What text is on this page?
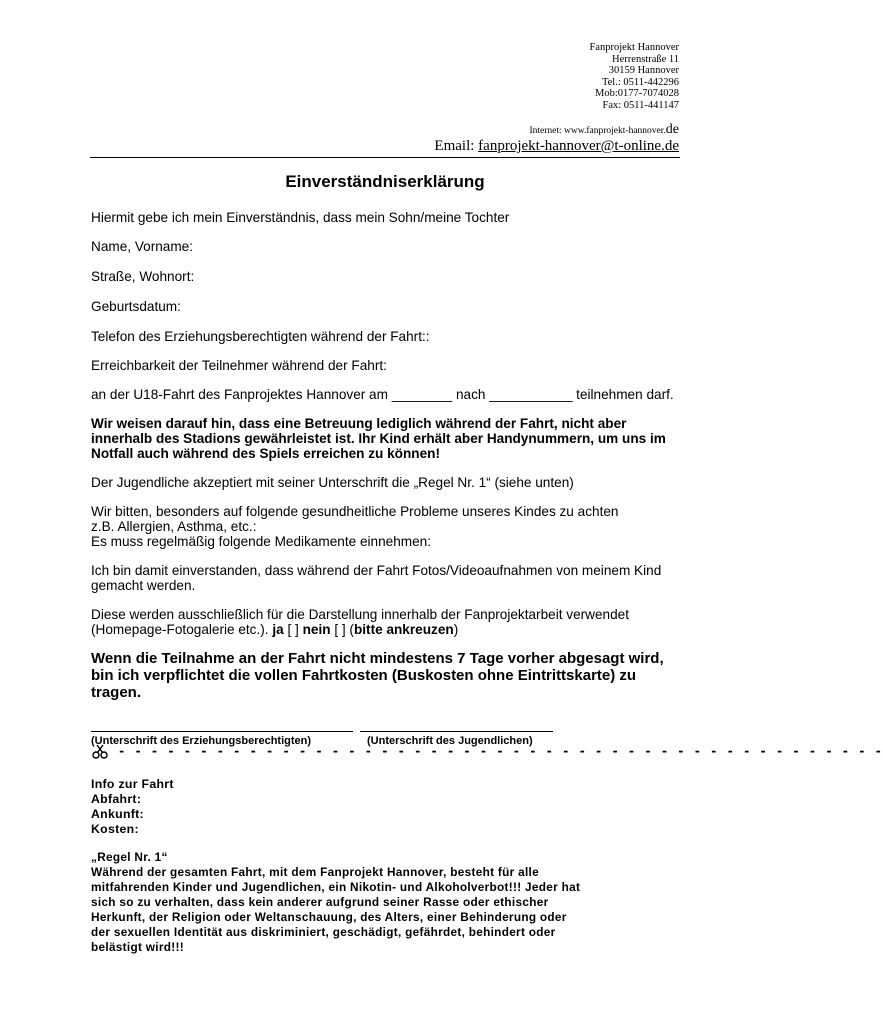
Fanprojekt Hannover
Herrenstraße 11
30159 Hannover
Tel.: 0511-442296
Mob:0177-7074028
Fax: 0511-441147
Internet: www.fanprojekt-hannover.de
Email: fanprojekt-hannover@t-online.de
Einverständniserklärung
Hiermit gebe ich mein Einverständnis, dass mein Sohn/meine Tochter
Name, Vorname:
Straße, Wohnort:
Geburtsdatum:
Telefon des Erziehungsberechtigten während der Fahrt::
Erreichbarkeit der Teilnehmer während der Fahrt:
an der U18-Fahrt des Fanprojektes Hannover am ________ nach ___________ teilnehmen darf.
Wir weisen darauf hin, dass eine Betreuung lediglich während der Fahrt, nicht aber innerhalb des Stadions gewährleistet ist. Ihr Kind erhält aber Handynummern, um uns im Notfall auch während des Spiels erreichen zu können!
Der Jugendliche akzeptiert mit seiner Unterschrift die „Regel Nr. 1“ (siehe unten)
Wir bitten, besonders auf folgende gesundheitliche Probleme unseres Kindes zu achten
z.B. Allergien, Asthma, etc.:
Es muss regelmäßig folgende Medikamente einnehmen:
Ich bin damit einverstanden, dass während der Fahrt Fotos/Videoaufnahmen von meinem Kind gemacht werden.
Diese werden ausschließlich für die Darstellung innerhalb der Fanprojektarbeit verwendet (Homepage-Fotogalerie etc.). ja [ ] nein [ ] (bitte ankreuzen)
Wenn die Teilnahme an der Fahrt nicht mindestens 7 Tage vorher abgesagt wird, bin ich verpflichtet die vollen Fahrtkosten (Buskosten ohne Eintrittskarte) zu tragen.
(Unterschrift des Erziehungsberechtigten)	(Unterschrift des Jugendlichen)
- - - - - - - - - - - - - - - - - - - - - - - - - - - - - - - - - - - - - - - - - - - - - - -
Info zur Fahrt
Abfahrt:
Ankunft:
Kosten:
„Regel Nr. 1“
Während der gesamten Fahrt, mit dem Fanprojekt Hannover, besteht für alle mitfahrenden Kinder und Jugendlichen, ein Nikotin- und Alkoholverbot!!! Jeder hat sich so zu verhalten, dass kein anderer aufgrund seiner Rasse oder ethischer Herkunft, der Religion oder Weltanschauung, des Alters, einer Behinderung oder der sexuellen Identität aus diskriminiert, geschädigt, gefährdet, behindert oder belästigt wird!!!
